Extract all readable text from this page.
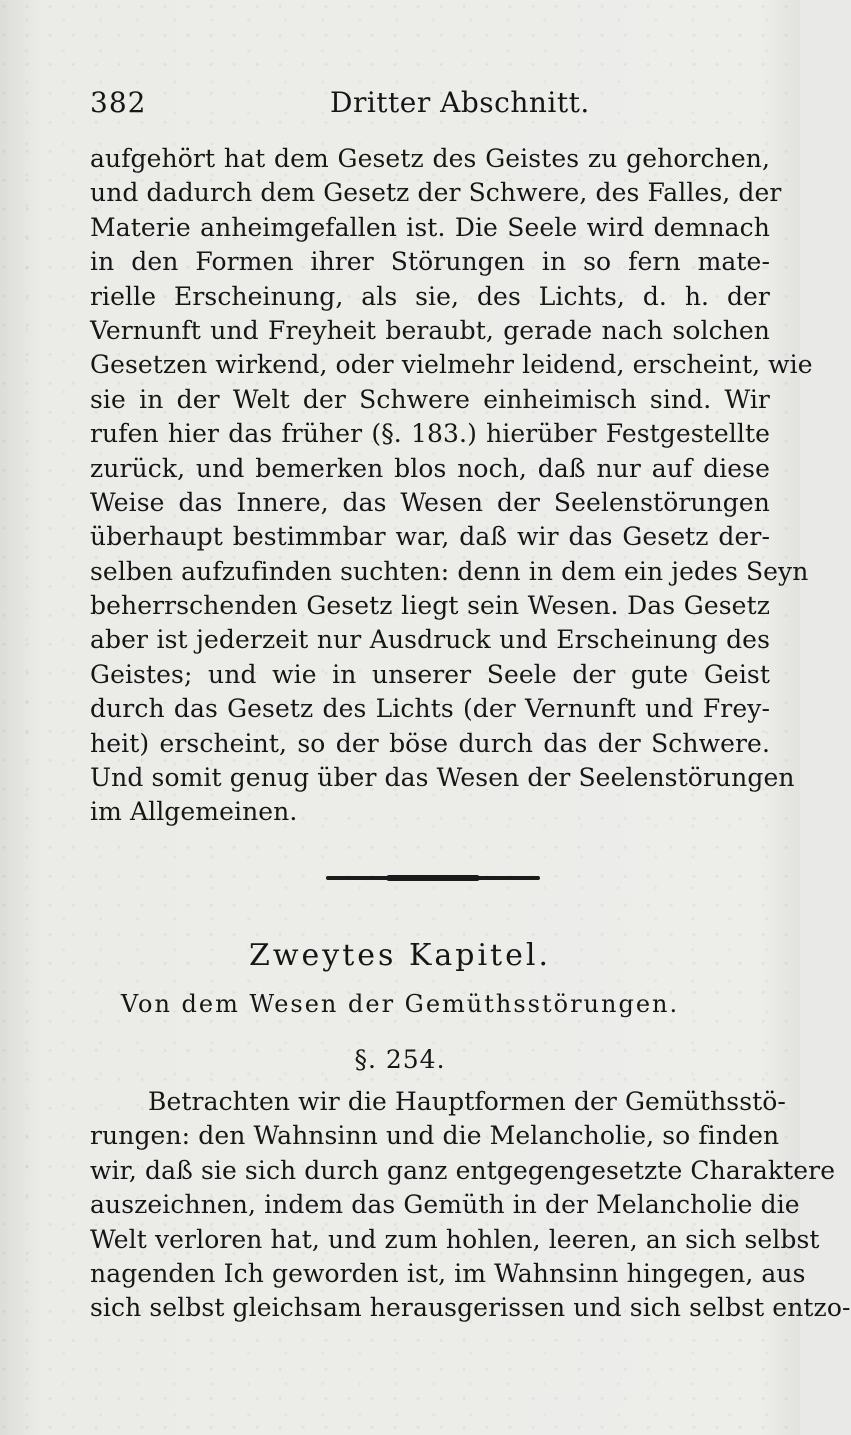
382	Dritter Abschnitt.
aufgehört hat dem Gesetz des Geistes zu gehorchen,
und dadurch dem Gesetz der Schwere, des Falles, der
Materie anheimgefallen ist. Die Seele wird demnach
in den Formen ihrer Störungen in so fern mate-
rielle Erscheinung, als sie, des Lichts, d. h. der
Vernunft und Freyheit beraubt, gerade nach solchen
Gesetzen wirkend, oder vielmehr leidend, erscheint, wie
sie in der Welt der Schwere einheimisch sind. Wir
rufen hier das früher (§. 183.) hierüber Festgestellte
zurück, und bemerken blos noch, daß nur auf diese
Weise das Innere, das Wesen der Seelenstörungen
überhaupt bestimmbar war, daß wir das Gesetz der-
selben aufzufinden suchten: denn in dem ein jedes Seyn
beherrschenden Gesetz liegt sein Wesen. Das Gesetz
aber ist jederzeit nur Ausdruck und Erscheinung des
Geistes; und wie in unserer Seele der gute Geist
durch das Gesetz des Lichts (der Vernunft und Frey-
heit) erscheint, so der böse durch das der Schwere.
Und somit genug über das Wesen der Seelenstörungen
im Allgemeinen.
Zweytes Kapitel.
Von dem Wesen der Gemüthsstörungen.
§. 254.
Betrachten wir die Hauptformen der Gemüthsstö-
rungen: den Wahnsinn und die Melancholie, so finden
wir, daß sie sich durch ganz entgegengesetzte Charaktere
auszeichnen, indem das Gemüth in der Melancholie die
Welt verloren hat, und zum hohlen, leeren, an sich selbst
nagenden Ich geworden ist, im Wahnsinn hingegen, aus
sich selbst gleichsam herausgerissen und sich selbst entzo-
